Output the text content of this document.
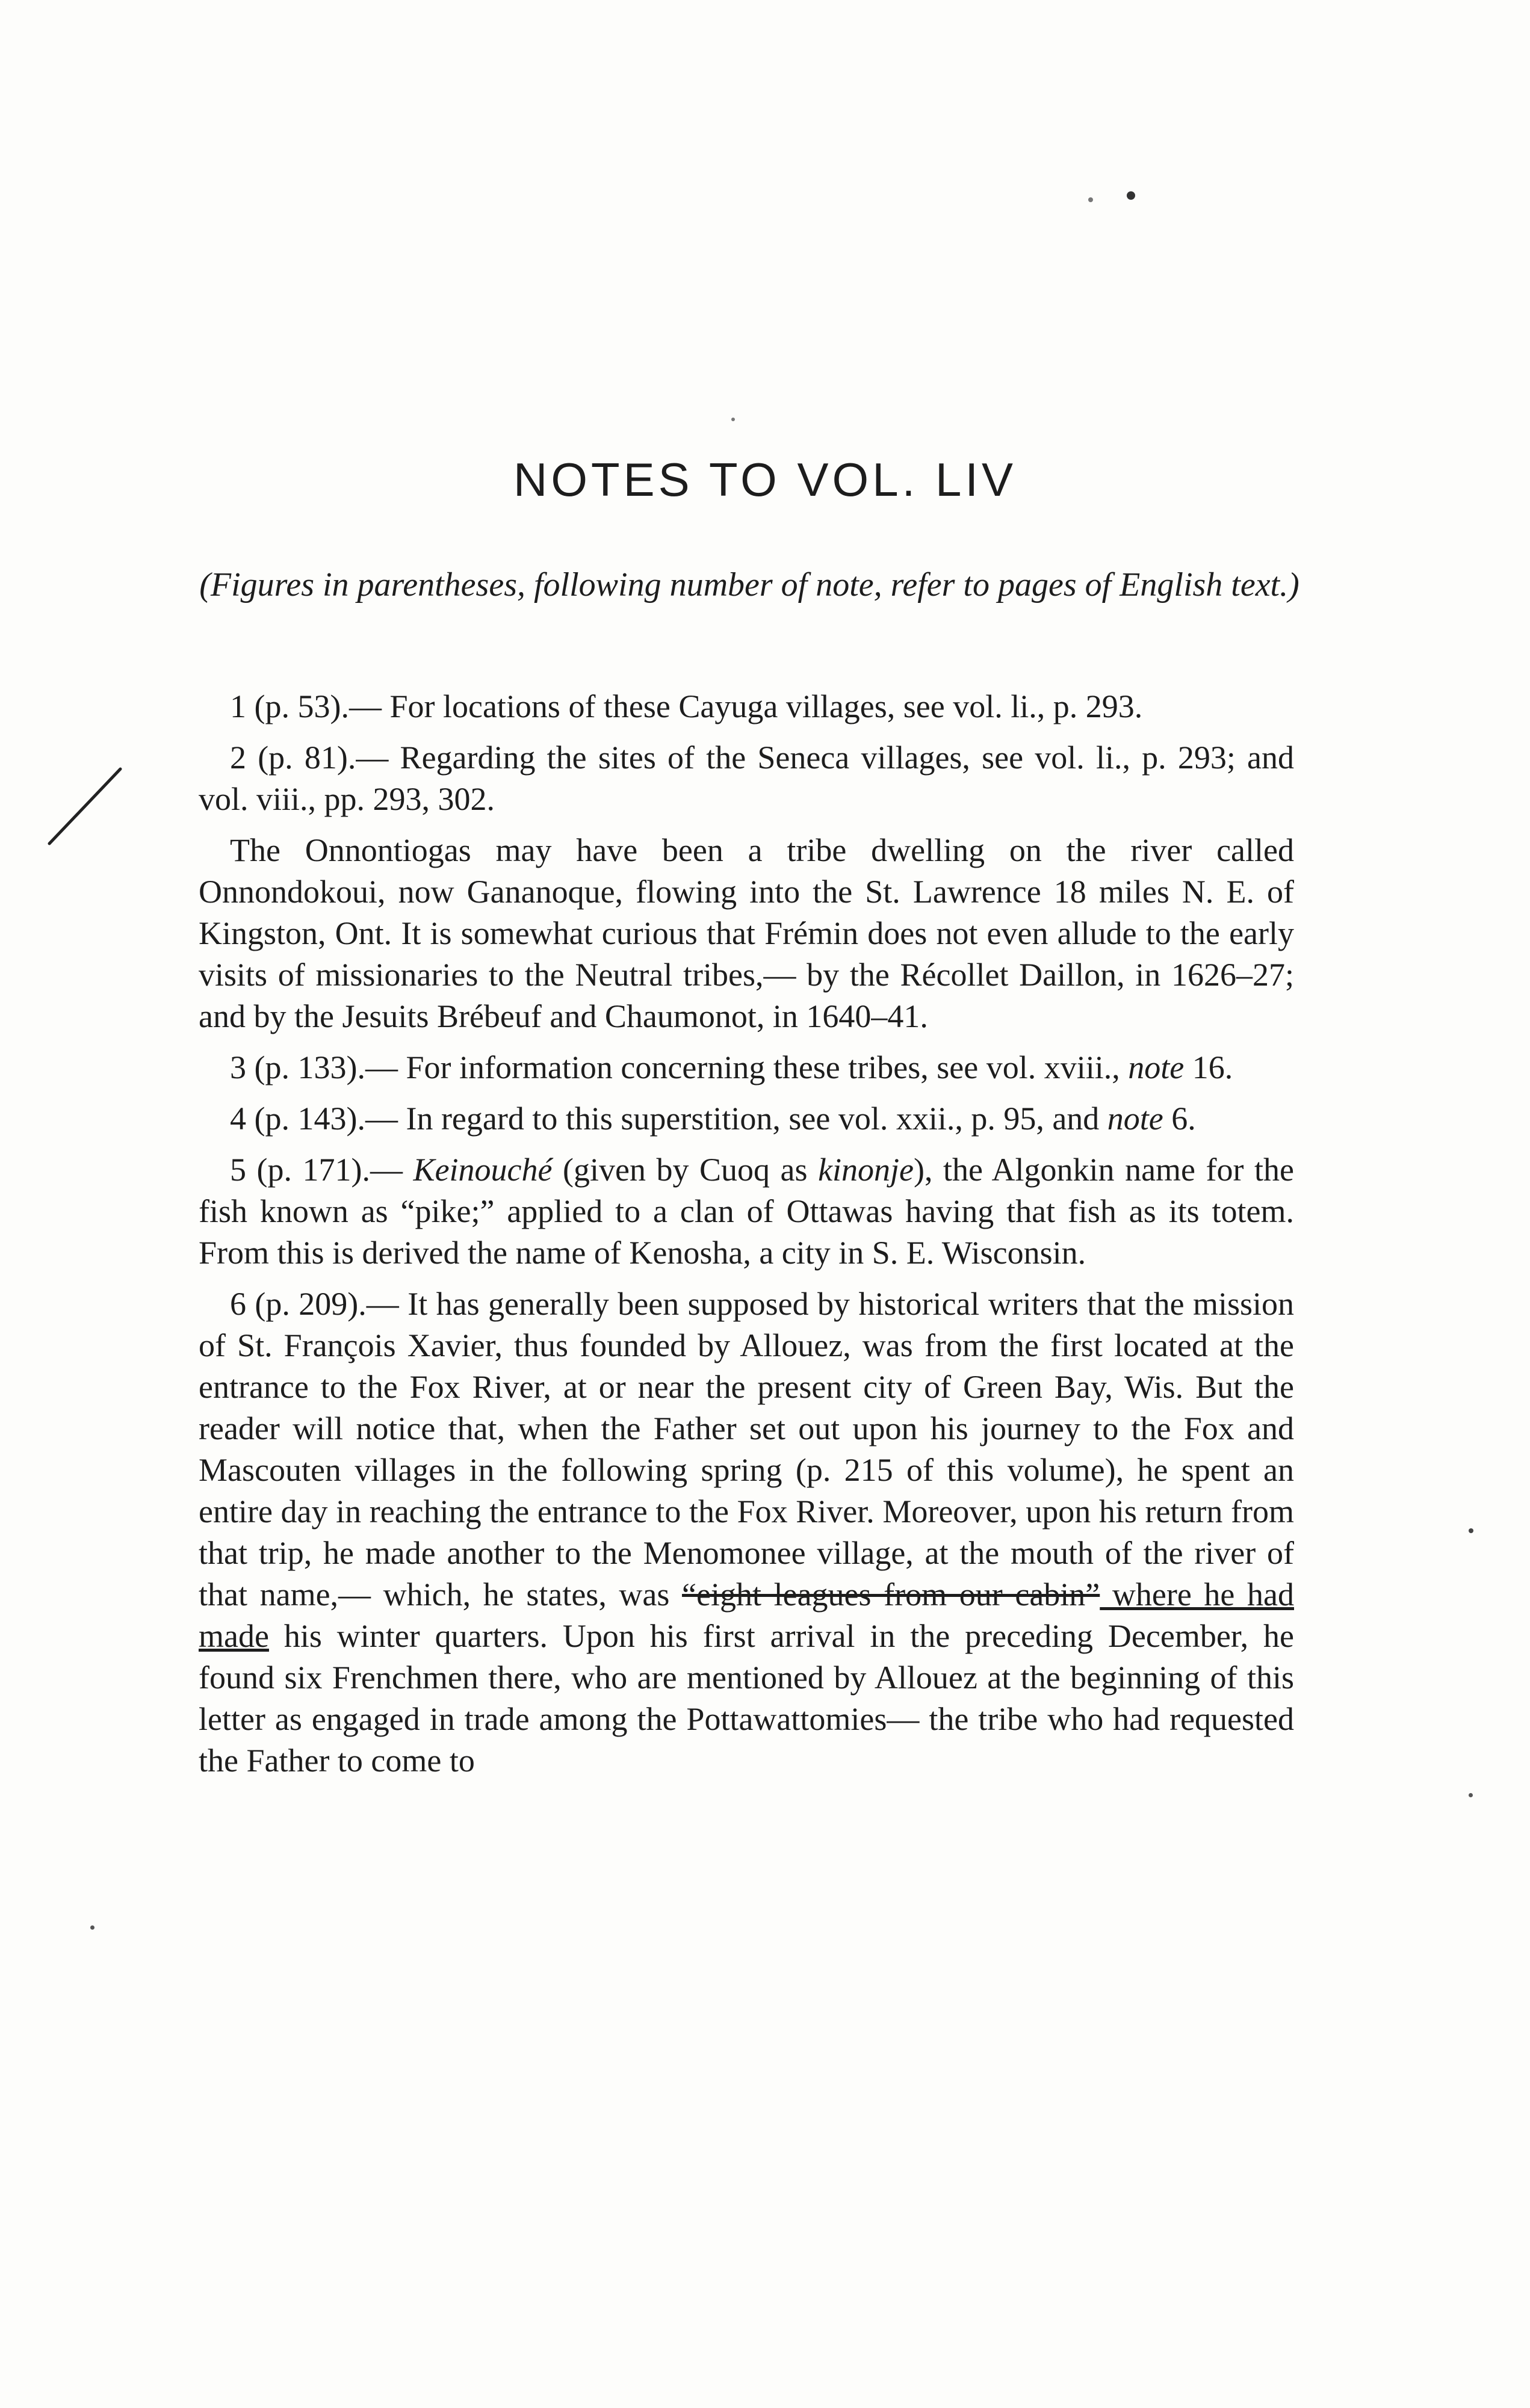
NOTES TO VOL. LIV

(Figures in parentheses, following number of note, refer to pages of English text.)

1 (p. 53).— For locations of these Cayuga villages, see vol. li., p. 293.

2 (p. 81).— Regarding the sites of the Seneca villages, see vol. li., p. 293; and vol. viii., pp. 293, 302.

The Onnontiogas may have been a tribe dwelling on the river called Onnondokoui, now Gananoque, flowing into the St. Lawrence 18 miles N. E. of Kingston, Ont. It is somewhat curious that Frémin does not even allude to the early visits of missionaries to the Neutral tribes,— by the Récollet Daillon, in 1626–27; and by the Jesuits Brébeuf and Chaumonot, in 1640–41.

3 (p. 133).— For information concerning these tribes, see vol. xviii., note 16.

4 (p. 143).— In regard to this superstition, see vol. xxii., p. 95, and note 6.

5 (p. 171).— Keinouché (given by Cuoq as kinonje), the Algonkin name for the fish known as “pike;” applied to a clan of Ottawas having that fish as its totem. From this is derived the name of Kenosha, a city in S. E. Wisconsin.

6 (p. 209).— It has generally been supposed by historical writers that the mission of St. François Xavier, thus founded by Allouez, was from the first located at the entrance to the Fox River, at or near the present city of Green Bay, Wis. But the reader will notice that, when the Father set out upon his journey to the Fox and Mascouten villages in the following spring (p. 215 of this volume), he spent an entire day in reaching the entrance to the Fox River. Moreover, upon his return from that trip, he made another to the Menomonee village, at the mouth of the river of that name,— which, he states, was “eight leagues from our cabin” where he had made his winter quarters. Upon his first arrival in the preceding December, he found six Frenchmen there, who are mentioned by Allouez at the beginning of this letter as engaged in trade among the Pottawattomies— the tribe who had requested the Father to come to
